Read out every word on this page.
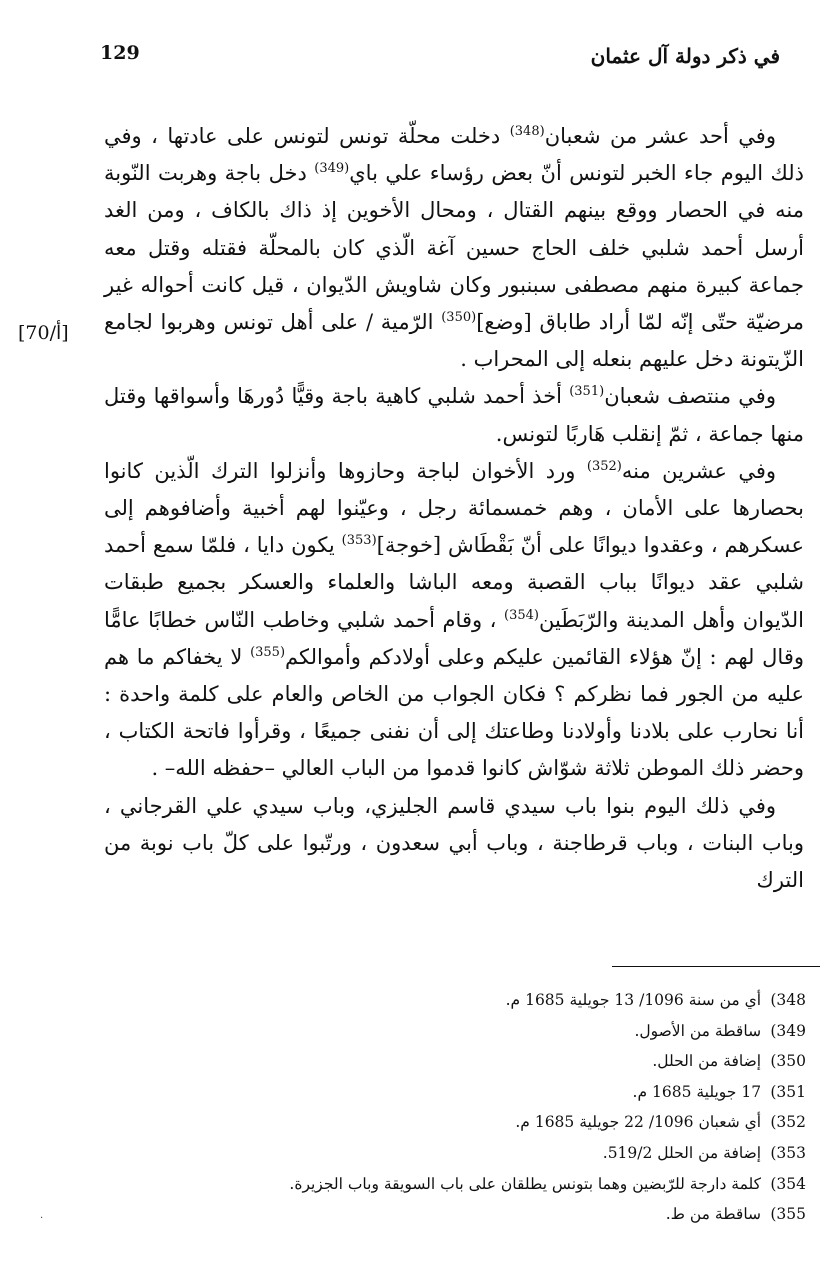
129	في ذكر دولة آل عثمان

وفي أحد عشر من شعبان$^{(348)}$ دخلت محلّة تونس لتونس على عادتها ، وفي ذلك اليوم جاء الخبر لتونس أنّ بعض رؤساء علي باي$^{(349)}$ دخل باجة وهربت النّوبة منه في الحصار ووقع بينهم القتال ، ومحال الأخوين إذ ذاك بالكاف ، ومن الغد أرسل أحمد شلبي خلف الحاج حسين آغة الّذي كان بالمحلّة فقتله وقتل معه جماعة كبيرة منهم مصطفى سبنبور وكان شاويش الدّيوان ، قيل كانت أحواله غير مرضيّة حتّى إنّه لمّا أراد طاباق [وضع]$^{(350)}$ الرّمية / على أهل تونس وهربوا لجامع الزّيتونة دخل عليهم بنعله إلى المحراب .

وفي منتصف شعبان$^{(351)}$ أخذ أحمد شلبي كاهية باجة وقيًّا دُورهَا وأسواقها وقتل منها جماعة ، ثمّ إنقلب هَاربًا لتونس.

وفي عشرين منه$^{(352)}$ ورد الأخوان لباجة وحازوها وأنزلوا الترك الّذين كانوا بحصارها على الأمان ، وهم خمسمائة رجل ، وعيّنوا لهم أخبية وأضافوهم إلى عسكرهم ، وعقدوا ديوانًا على أنّ بَقْطَاش [خوجة]$^{(353)}$ يكون دايا ، فلمّا سمع أحمد شلبي عقد ديوانًا بباب القصبة ومعه الباشا والعلماء والعسكر بجميع طبقات الدّيوان وأهل المدينة والرّبَطَين$^{(354)}$ ، وقام أحمد شلبي وخاطب النّاس خطابًا عامًّا وقال لهم : إنّ هؤلاء القائمين عليكم وعلى أولادكم وأموالكم$^{(355)}$ لا يخفاكم ما هم عليه من الجور فما نظركم ؟ فكان الجواب من الخاص والعام على كلمة واحدة : أنا نحارب على بلادنا وأولادنا وطاعتك إلى أن نفنى جميعًا ، وقرأوا فاتحة الكتاب ، وحضر ذلك الموطن ثلاثة شوّاش كانوا قدموا من الباب العالي –حفظه الله– .

وفي ذلك اليوم بنوا باب سيدي قاسم الجليزي، وباب سيدي علي القرجاني ، وباب البنات ، وباب قرطاجنة ، وباب أبي سعدون ، ورتّبوا على كلّ باب نوبة من الترك

[70/أ]
348) أي من سنة 1096/ 13 جويلية 1685 م.
349) ساقطة من الأصول.
350) إضافة من الحلل.
351) 17 جويلية 1685 م.
352) أي شعبان 1096/ 22 جويلية 1685 م.
353) إضافة من الحلل 519/2.
354) كلمة دارجة للرّبضين وهما بتونس يطلقان على باب السويقة وباب الجزيرة.
355) ساقطة من ط.
·
